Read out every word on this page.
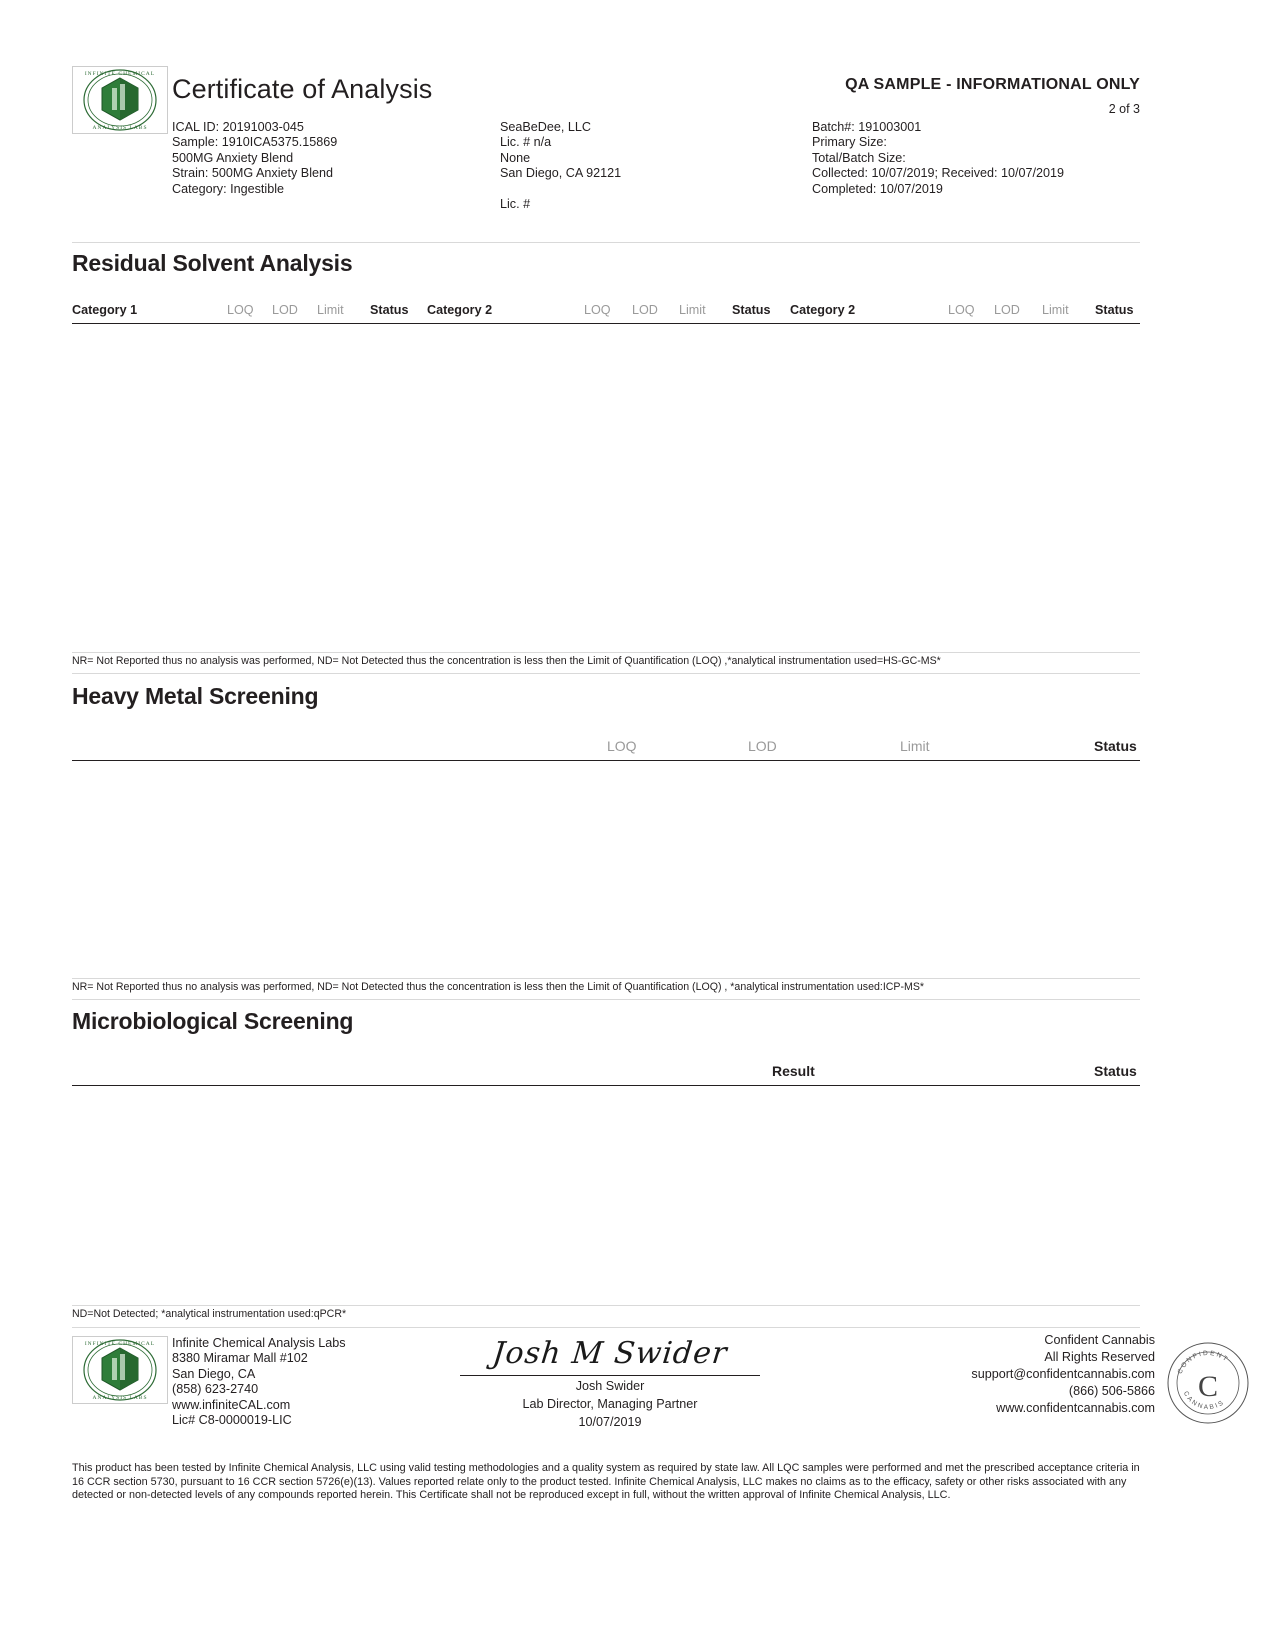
INFINITE CHEMICAL
ANALYSIS LABS
Certificate of Analysis	QA SAMPLE - INFORMATIONAL ONLY
2 of 3
ICAL ID: 20191003-045
Sample: 1910ICA5375.15869
500MG Anxiety Blend
Strain: 500MG Anxiety Blend
Category: Ingestible
SeaBeDee, LLC
Lic. # n/a
None
San Diego, CA 92121
Lic. #
Batch#: 191003001
Primary Size:
Total/Batch Size:
Collected: 10/07/2019; Received: 10/07/2019
Completed: 10/07/2019
Residual Solvent Analysis
Category 1	LOQ LOD Limit Status Category 2	LOQ LOD Limit Status Category 2	LOQ LOD Limit Status
NR= Not Reported thus no analysis was performed, ND= Not Detected thus the concentration is less then the Limit of Quantification (LOQ) ,*analytical instrumentation used=HS-GC-MS*
Heavy Metal Screening
LOQ	LOD	Limit	Status
NR= Not Reported thus no analysis was performed, ND= Not Detected thus the concentration is less then the Limit of Quantification (LOQ) , *analytical instrumentation used:ICP-MS*
Microbiological Screening
Result	Status
ND=Not Detected; *analytical instrumentation used:qPCR*
INFINITE CHEMICAL
ANALYSIS LABS
Infinite Chemical Analysis Labs
8380 Miramar Mall #102
San Diego, CA
(858) 623-2740
www.infiniteCAL.com
Lic# C8-0000019-LIC
Josh M Swider
Josh Swider
Lab Director, Managing Partner
10/07/2019
Confident Cannabis
All Rights Reserved
support@confidentcannabis.com
(866) 506-5866
www.confidentcannabis.com
C
CONFIDENT
CANNABIS
This product has been tested by Infinite Chemical Analysis, LLC using valid testing methodologies and a quality system as required by state law. All LQC samples were performed and met the prescribed acceptance criteria in 16 CCR section 5730, pursuant to 16 CCR section 5726(e)(13). Values reported relate only to the product tested. Infinite Chemical Analysis, LLC makes no claims as to the efficacy, safety or other risks associated with any detected or non-detected levels of any compounds reported herein. This Certificate shall not be reproduced except in full, without the written approval of Infinite Chemical Analysis, LLC.
